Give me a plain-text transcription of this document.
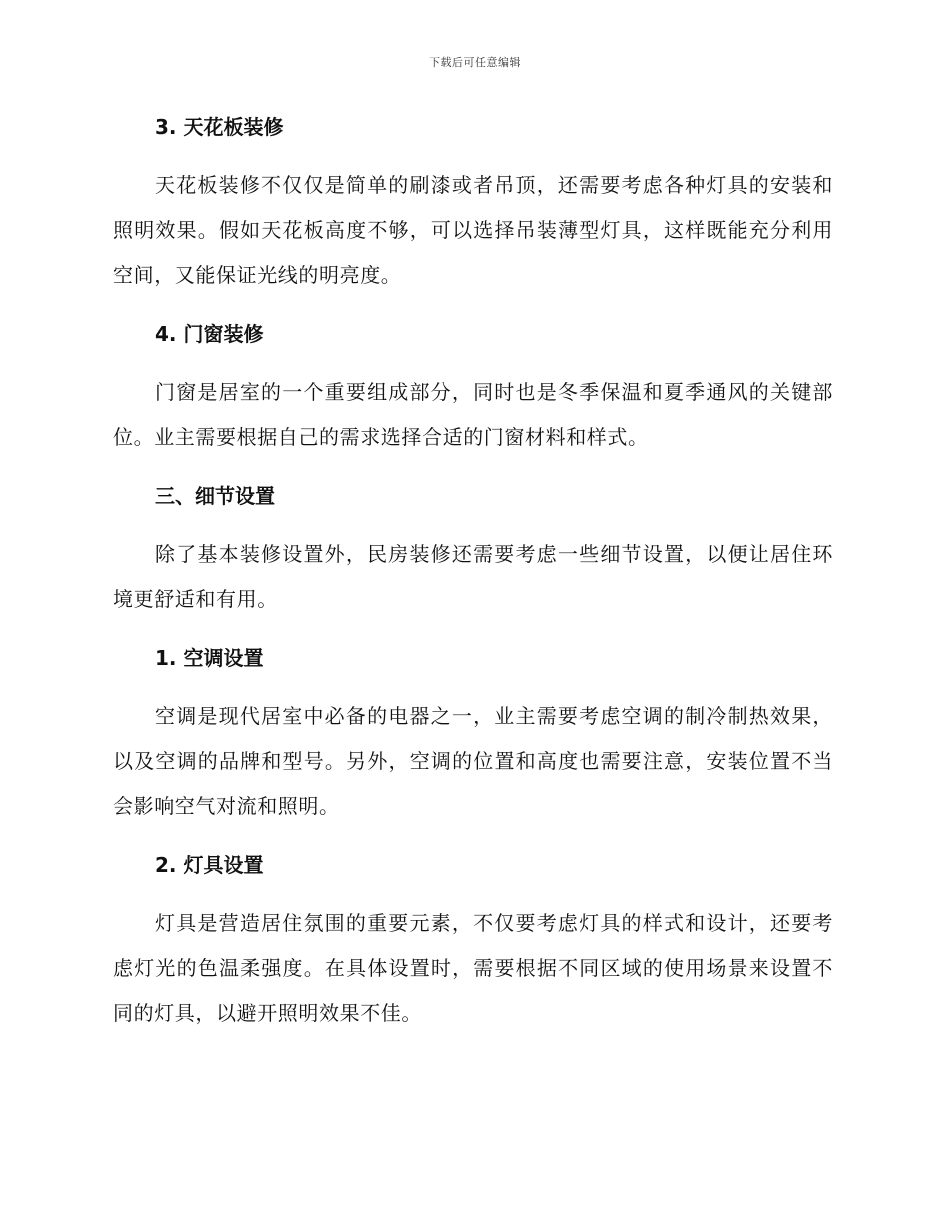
下载后可任意编辑
3. 天花板装修

天花板装修不仅仅是简单的刷漆或者吊顶，还需要考虑各种灯具的安装和照明效果。假如天花板高度不够，可以选择吊装薄型灯具，这样既能充分利用空间，又能保证光线的明亮度。

4. 门窗装修

门窗是居室的一个重要组成部分，同时也是冬季保温和夏季通风的关键部位。业主需要根据自己的需求选择合适的门窗材料和样式。

三、细节设置

除了基本装修设置外，民房装修还需要考虑一些细节设置，以便让居住环境更舒适和有用。

1. 空调设置

空调是现代居室中必备的电器之一，业主需要考虑空调的制冷制热效果，以及空调的品牌和型号。另外，空调的位置和高度也需要注意，安装位置不当会影响空气对流和照明。

2. 灯具设置

灯具是营造居住氛围的重要元素，不仅要考虑灯具的样式和设计，还要考虑灯光的色温柔强度。在具体设置时，需要根据不同区域的使用场景来设置不同的灯具，以避开照明效果不佳。
